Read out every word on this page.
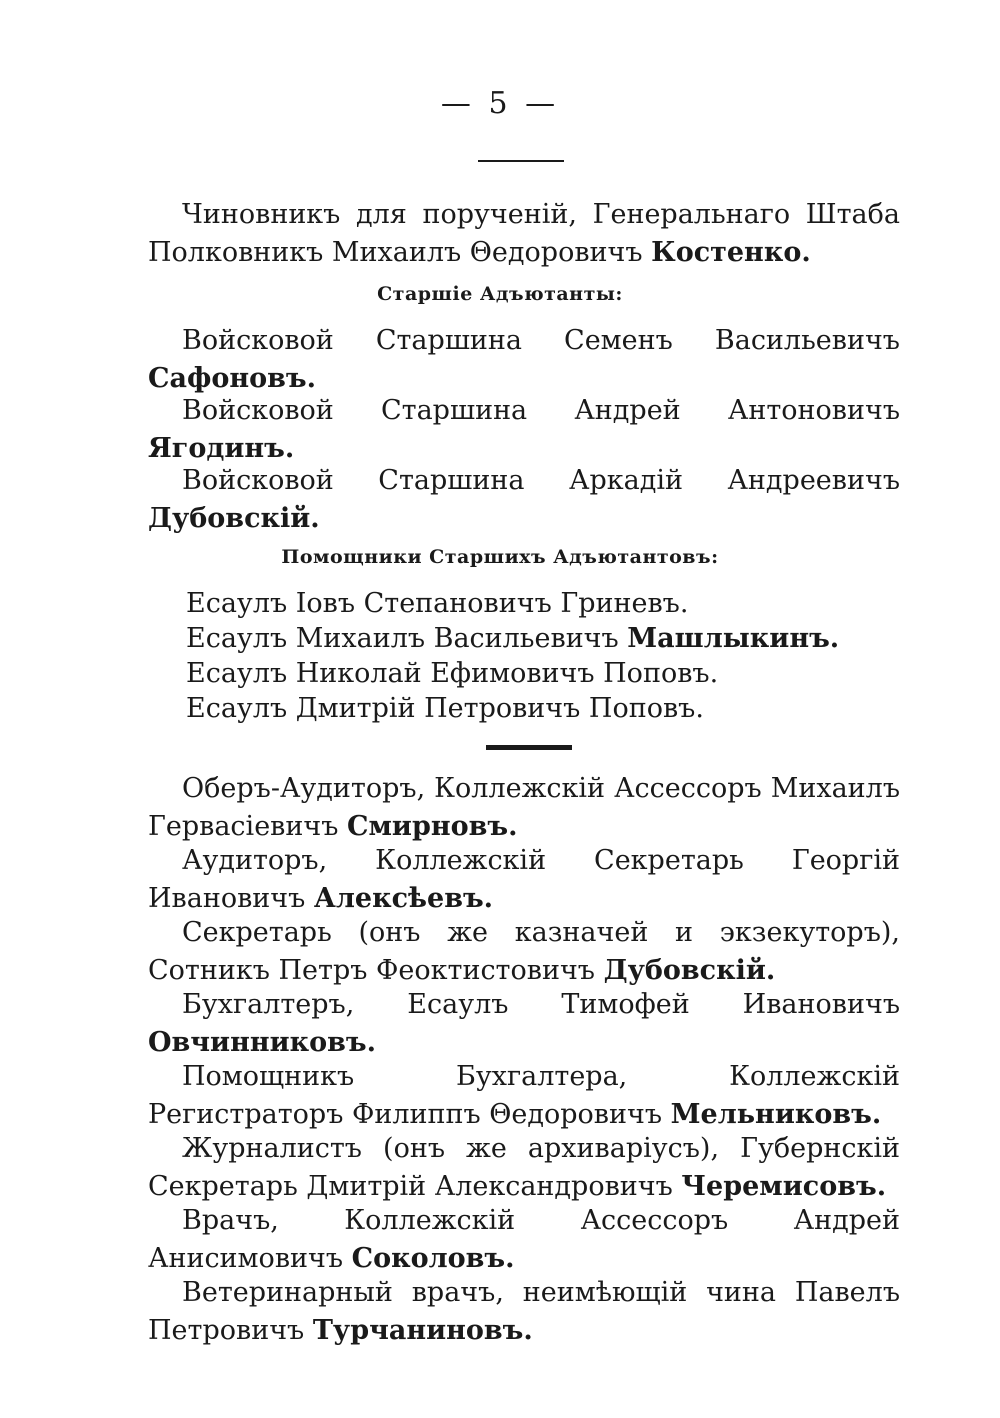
— 5 —

Чиновникъ для порученій, Генеральнаго Штаба Полковникъ Михаилъ Θедоровичъ Костенко.

Старшіе Адъютанты:

Войсковой Старшина Семенъ Васильевичъ Сафоновъ.

Войсковой Старшина Андрей Антоновичъ Ягодинъ.

Войсковой Старшина Аркадій Андреевичъ Дубовскій.

Помощники Старшихъ Адъютантовъ:
Есаулъ Іовъ Степановичъ Гриневъ.
Есаулъ Михаилъ Васильевичъ Машлыкинъ.
Есаулъ Николай Ефимовичъ Поповъ.
Есаулъ Дмитрій Петровичъ Поповъ.

Оберъ-Аудиторъ, Коллежскій Ассессоръ Михаилъ Гервасіевичъ Смирновъ.

Аудиторъ, Коллежскій Секретарь Георгій Ивановичъ Алексѣевъ.

Секретарь (онъ же казначей и экзекуторъ), Сотникъ Петръ Феоктистовичъ Дубовскій.

Бухгалтеръ, Есаулъ Тимофей Ивановичъ Овчинниковъ.

Помощникъ Бухгалтера, Коллежскій Регистраторъ Филиппъ Θедоровичъ Мельниковъ.

Журналистъ (онъ же архиваріусъ), Губернскій Секретарь Дмитрій Александровичъ Черемисовъ.

Врачъ, Коллежскій Ассессоръ Андрей Анисимовичъ Соколовъ.

Ветеринарный врачъ, неимѣющій чина Павелъ Петровичъ Турчаниновъ.
